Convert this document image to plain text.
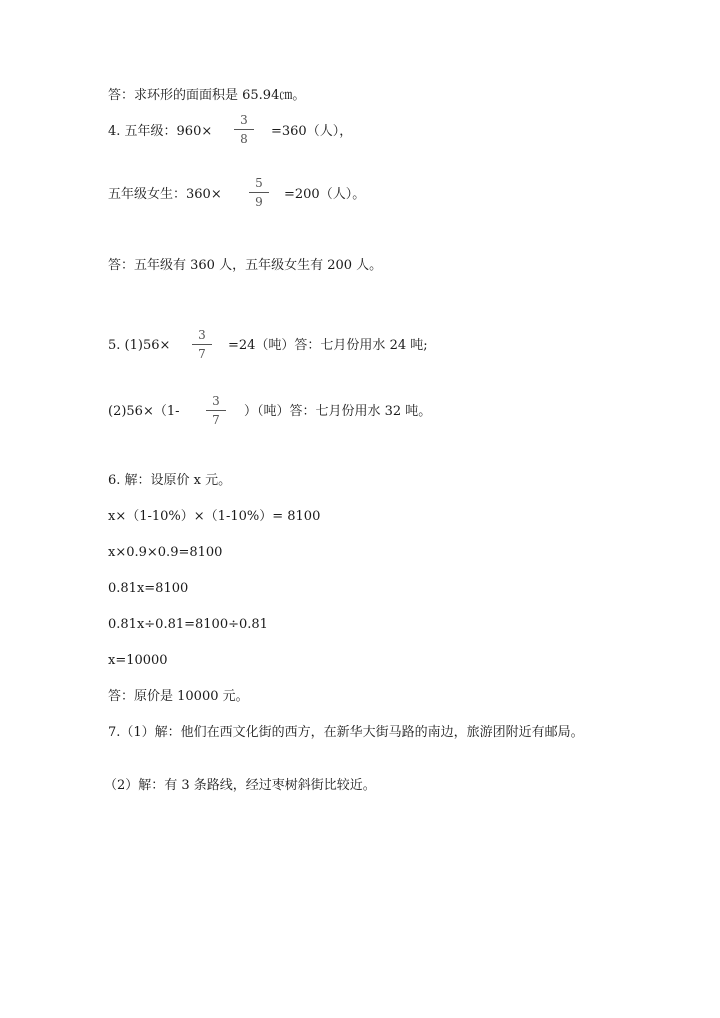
答：求环形的面面积是 65.94㎝。
4. 五年级：960×
3
8	=360（人），
五年级女生：360×
5
9	=200（人）。
答：五年级有 360 人，五年级女生有 200 人。
5. (1)56×
3
7
=24（吨）答：七月份用水 24 吨;
(2)56×（1-
3
7
）（吨）答：七月份用水 32 吨。
6. 解：设原价 x 元。
x×（1-10%）×（1-10%）= 8100
x×0.9×0.9=8100
0.81x=8100
0.81x÷0.81=8100÷0.81
x=10000
答：原价是 10000 元。
7.（1）解：他们在西文化街的西方，在新华大街马路的南边，旅游团附近有邮局。
（2）解：有 3 条路线，经过枣树斜街比较近。
